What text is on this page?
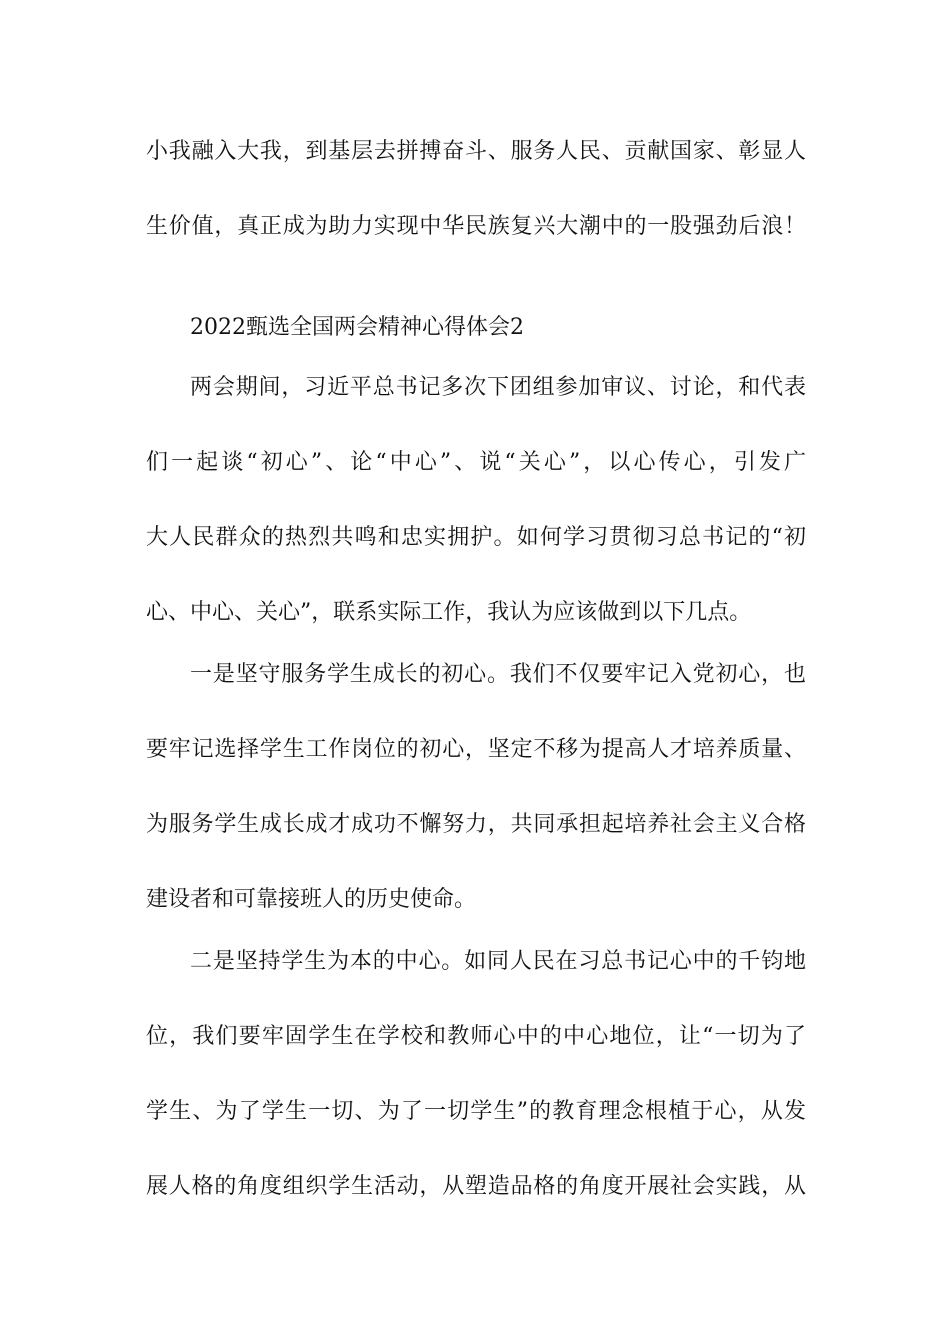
小我融入大我，到基层去拼搏奋斗、服务人民、贡献国家、彰显人
生价值，真正成为助力实现中华民族复兴大潮中的一股强劲后浪！
2022甄选全国两会精神心得体会2
两会期间，习近平总书记多次下团组参加审议、讨论，和代表
们一起谈“初心”、论“中心”、说“关心”，以心传心，引发广
大人民群众的热烈共鸣和忠实拥护。如何学习贯彻习总书记的“初
心、中心、关心”，联系实际工作，我认为应该做到以下几点。
一是坚守服务学生成长的初心。我们不仅要牢记入党初心，也
要牢记选择学生工作岗位的初心，坚定不移为提高人才培养质量、
为服务学生成长成才成功不懈努力，共同承担起培养社会主义合格
建设者和可靠接班人的历史使命。
二是坚持学生为本的中心。如同人民在习总书记心中的千钧地
位，我们要牢固学生在学校和教师心中的中心地位，让“一切为了
学生、为了学生一切、为了一切学生”的教育理念根植于心，从发
展人格的角度组织学生活动，从塑造品格的角度开展社会实践，从
